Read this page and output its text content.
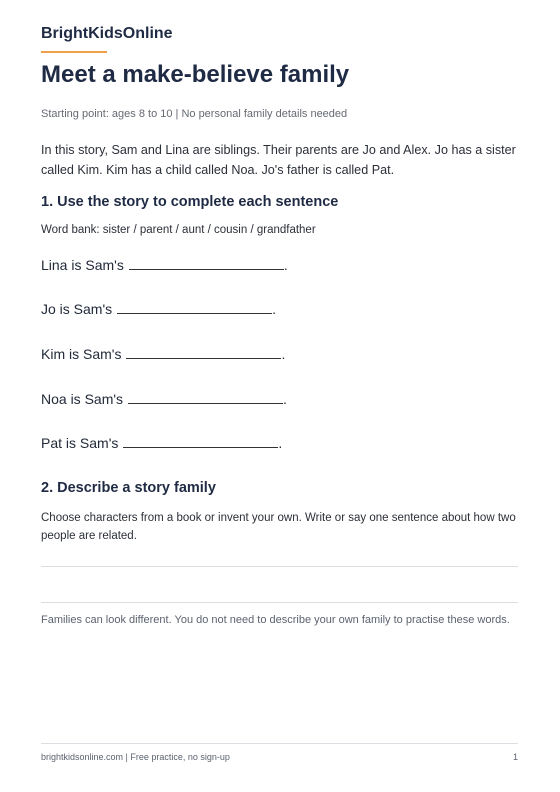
BrightKidsOnline
Meet a make-believe family
Starting point: ages 8 to 10 | No personal family details needed
In this story, Sam and Lina are siblings. Their parents are Jo and Alex. Jo has a sister called Kim. Kim has a child called Noa. Jo's father is called Pat.
1. Use the story to complete each sentence
Word bank: sister / parent / aunt / cousin / grandfather
Lina is Sam's	.
Jo is Sam's	.
Kim is Sam's	.
Noa is Sam's	.
Pat is Sam's	.
2. Describe a story family
Choose characters from a book or invent your own. Write or say one sentence about how two people are related.
Families can look different. You do not need to describe your own family to practise these words.
brightkidsonline.com | Free practice, no sign-up	1
